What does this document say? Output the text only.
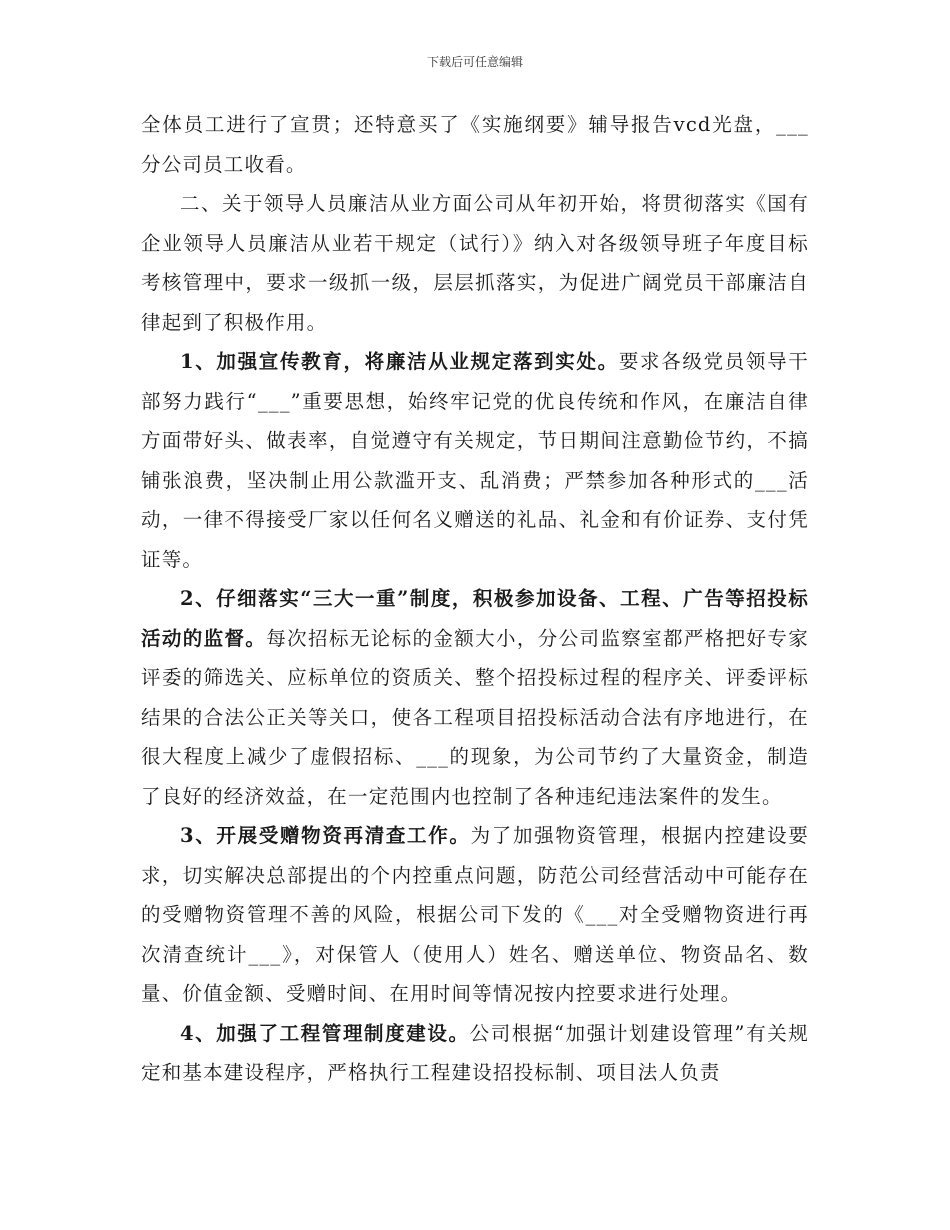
下载后可任意编辑

全体员工进行了宣贯；还特意买了《实施纲要》辅导报告vcd光盘，___分公司员工收看。

二、关于领导人员廉洁从业方面公司从年初开始，将贯彻落实《国有企业领导人员廉洁从业若干规定（试行）》纳入对各级领导班子年度目标考核管理中，要求一级抓一级，层层抓落实，为促进广阔党员干部廉洁自律起到了积极作用。

1、加强宣传教育，将廉洁从业规定落到实处。要求各级党员领导干部努力践行“___”重要思想，始终牢记党的优良传统和作风，在廉洁自律方面带好头、做表率，自觉遵守有关规定，节日期间注意勤俭节约，不搞铺张浪费，坚决制止用公款滥开支、乱消费；严禁参加各种形式的___活动，一律不得接受厂家以任何名义赠送的礼品、礼金和有价证券、支付凭证等。

2、仔细落实“三大一重”制度，积极参加设备、工程、广告等招投标活动的监督。每次招标无论标的金额大小，分公司监察室都严格把好专家评委的筛选关、应标单位的资质关、整个招投标过程的程序关、评委评标结果的合法公正关等关口，使各工程项目招投标活动合法有序地进行，在很大程度上减少了虚假招标、___的现象，为公司节约了大量资金，制造了良好的经济效益，在一定范围内也控制了各种违纪违法案件的发生。

3、开展受赠物资再清查工作。为了加强物资管理，根据内控建设要求，切实解决总部提出的个内控重点问题，防范公司经营活动中可能存在的受赠物资管理不善的风险，根据公司下发的《___对全受赠物资进行再次清查统计___》，对保管人（使用人）姓名、赠送单位、物资品名、数量、价值金额、受赠时间、在用时间等情况按内控要求进行处理。

4、加强了工程管理制度建设。公司根据“加强计划建设管理”有关规定和基本建设程序，严格执行工程建设招投标制、项目法人负责
